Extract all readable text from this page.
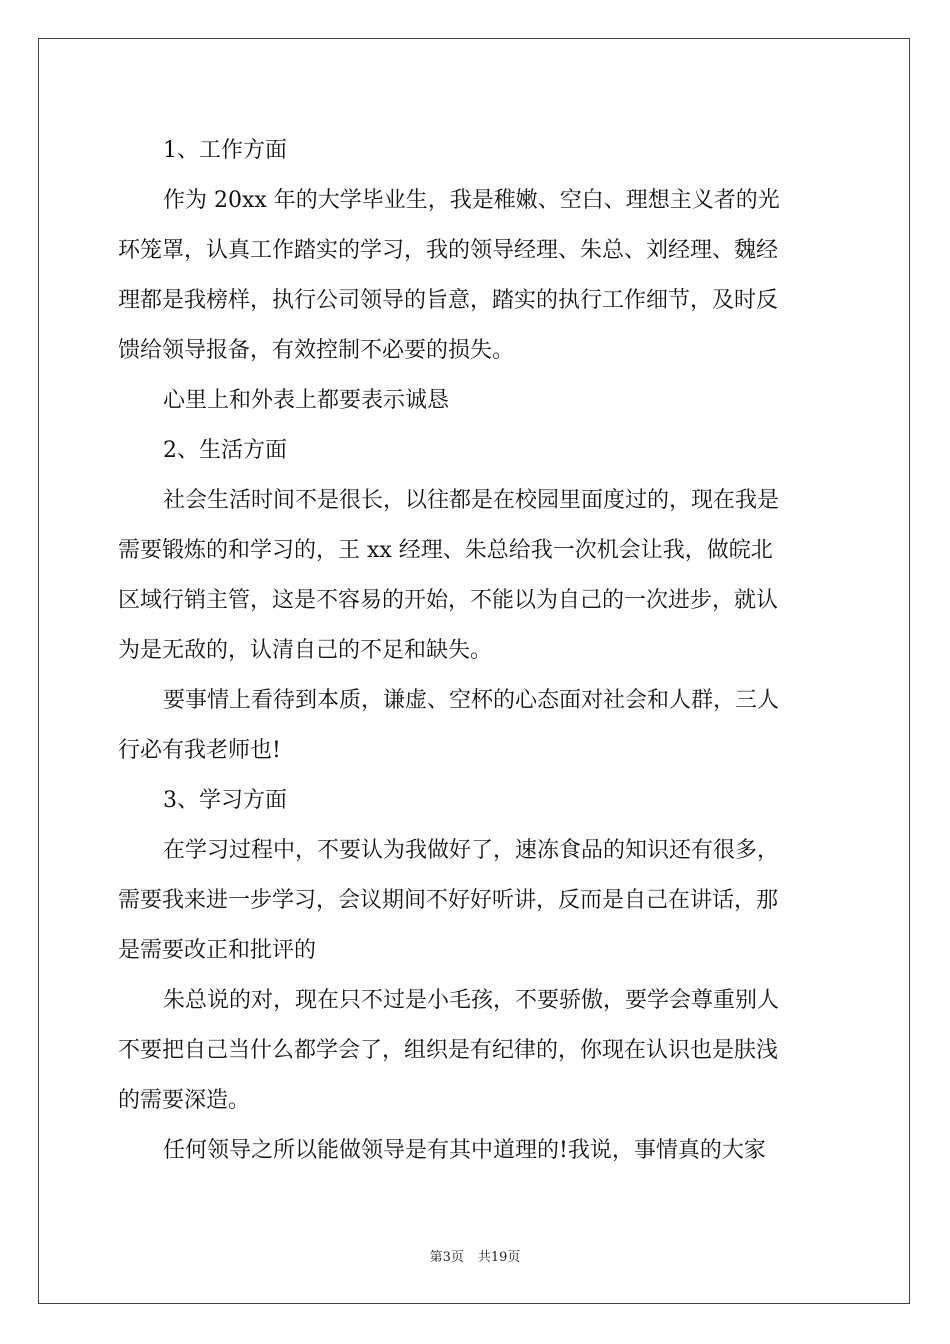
1、工作方面
作为 20xx 年的大学毕业生，我是稚嫩、空白、理想主义者的光
环笼罩，认真工作踏实的学习，我的领导经理、朱总、刘经理、魏经
理都是我榜样，执行公司领导的旨意，踏实的执行工作细节，及时反
馈给领导报备，有效控制不必要的损失。
心里上和外表上都要表示诚恳
2、生活方面
社会生活时间不是很长，以往都是在校园里面度过的，现在我是
需要锻炼的和学习的，王 xx 经理、朱总给我一次机会让我，做皖北
区域行销主管，这是不容易的开始，不能以为自己的一次进步，就认
为是无敌的，认清自己的不足和缺失。
要事情上看待到本质，谦虚、空杯的心态面对社会和人群，三人
行必有我老师也!
3、学习方面
在学习过程中，不要认为我做好了，速冻食品的知识还有很多，
需要我来进一步学习，会议期间不好好听讲，反而是自己在讲话，那
是需要改正和批评的
朱总说的对，现在只不过是小毛孩，不要骄傲，要学会尊重别人
不要把自己当什么都学会了，组织是有纪律的，你现在认识也是肤浅
的需要深造。
任何领导之所以能做领导是有其中道理的!我说，事情真的大家
第3页 共19页
